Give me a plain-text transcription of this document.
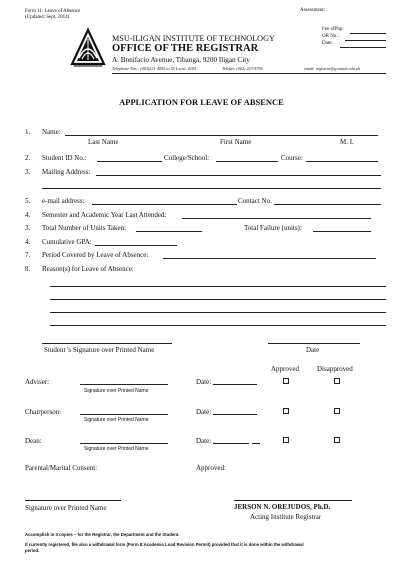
Form 11: Leave of Absence
(Updated: Sept. 2014)
Assessment:
MSU-ILIGAN INSTITUTE OF TECHNOLOGY
OFFICE OF THE REGISTRAR
A. Bonifacio Avenue, Tibanga, 9200 Iligan City
Telephone Nos.: (063)221-4050 to 55 Local: 4105	Telefax: (063) 223-5794	email: registrar@g.msuiit.edu.ph
Fee ofPhp:
OR No.:
Date:
APPLICATION FOR LEAVE OF ABSENCE
1. Name:
Last Name	First Name	M. I.
2. Student ID No.:	College/School:	Course:
3. Mailing Address:
5. e-mail address:	Contact No.
4. Semester and Academic Year Last Attended:
3. Total Number of Units Taken:	Total Failure (units):
4. Cumulative GPA:
7. Period Covered by Leave of Absence:
8. Reason(s) for Leave of Absence:
Student 's Signature over Printed Name	Date
Approved	Disapproved
Adviser:
Signature over Printed Name
Date:
Chairperson:
Signature over Printed Name
Date:
Dean:
Signature over Printed Name
Date:
Parental/Marital Consent:	Approved:
Signature over Printed Name	JERSON N. OREJUDOS, Ph.D.
Acting Institute Registrar
Accomplish in 3 copies – for the Registrar, the Department and the Student.
If currently registered, file also a withdrawal form (Form 8:Academic Load Revision Permit) provided that it is done within the withdrawal
period.
